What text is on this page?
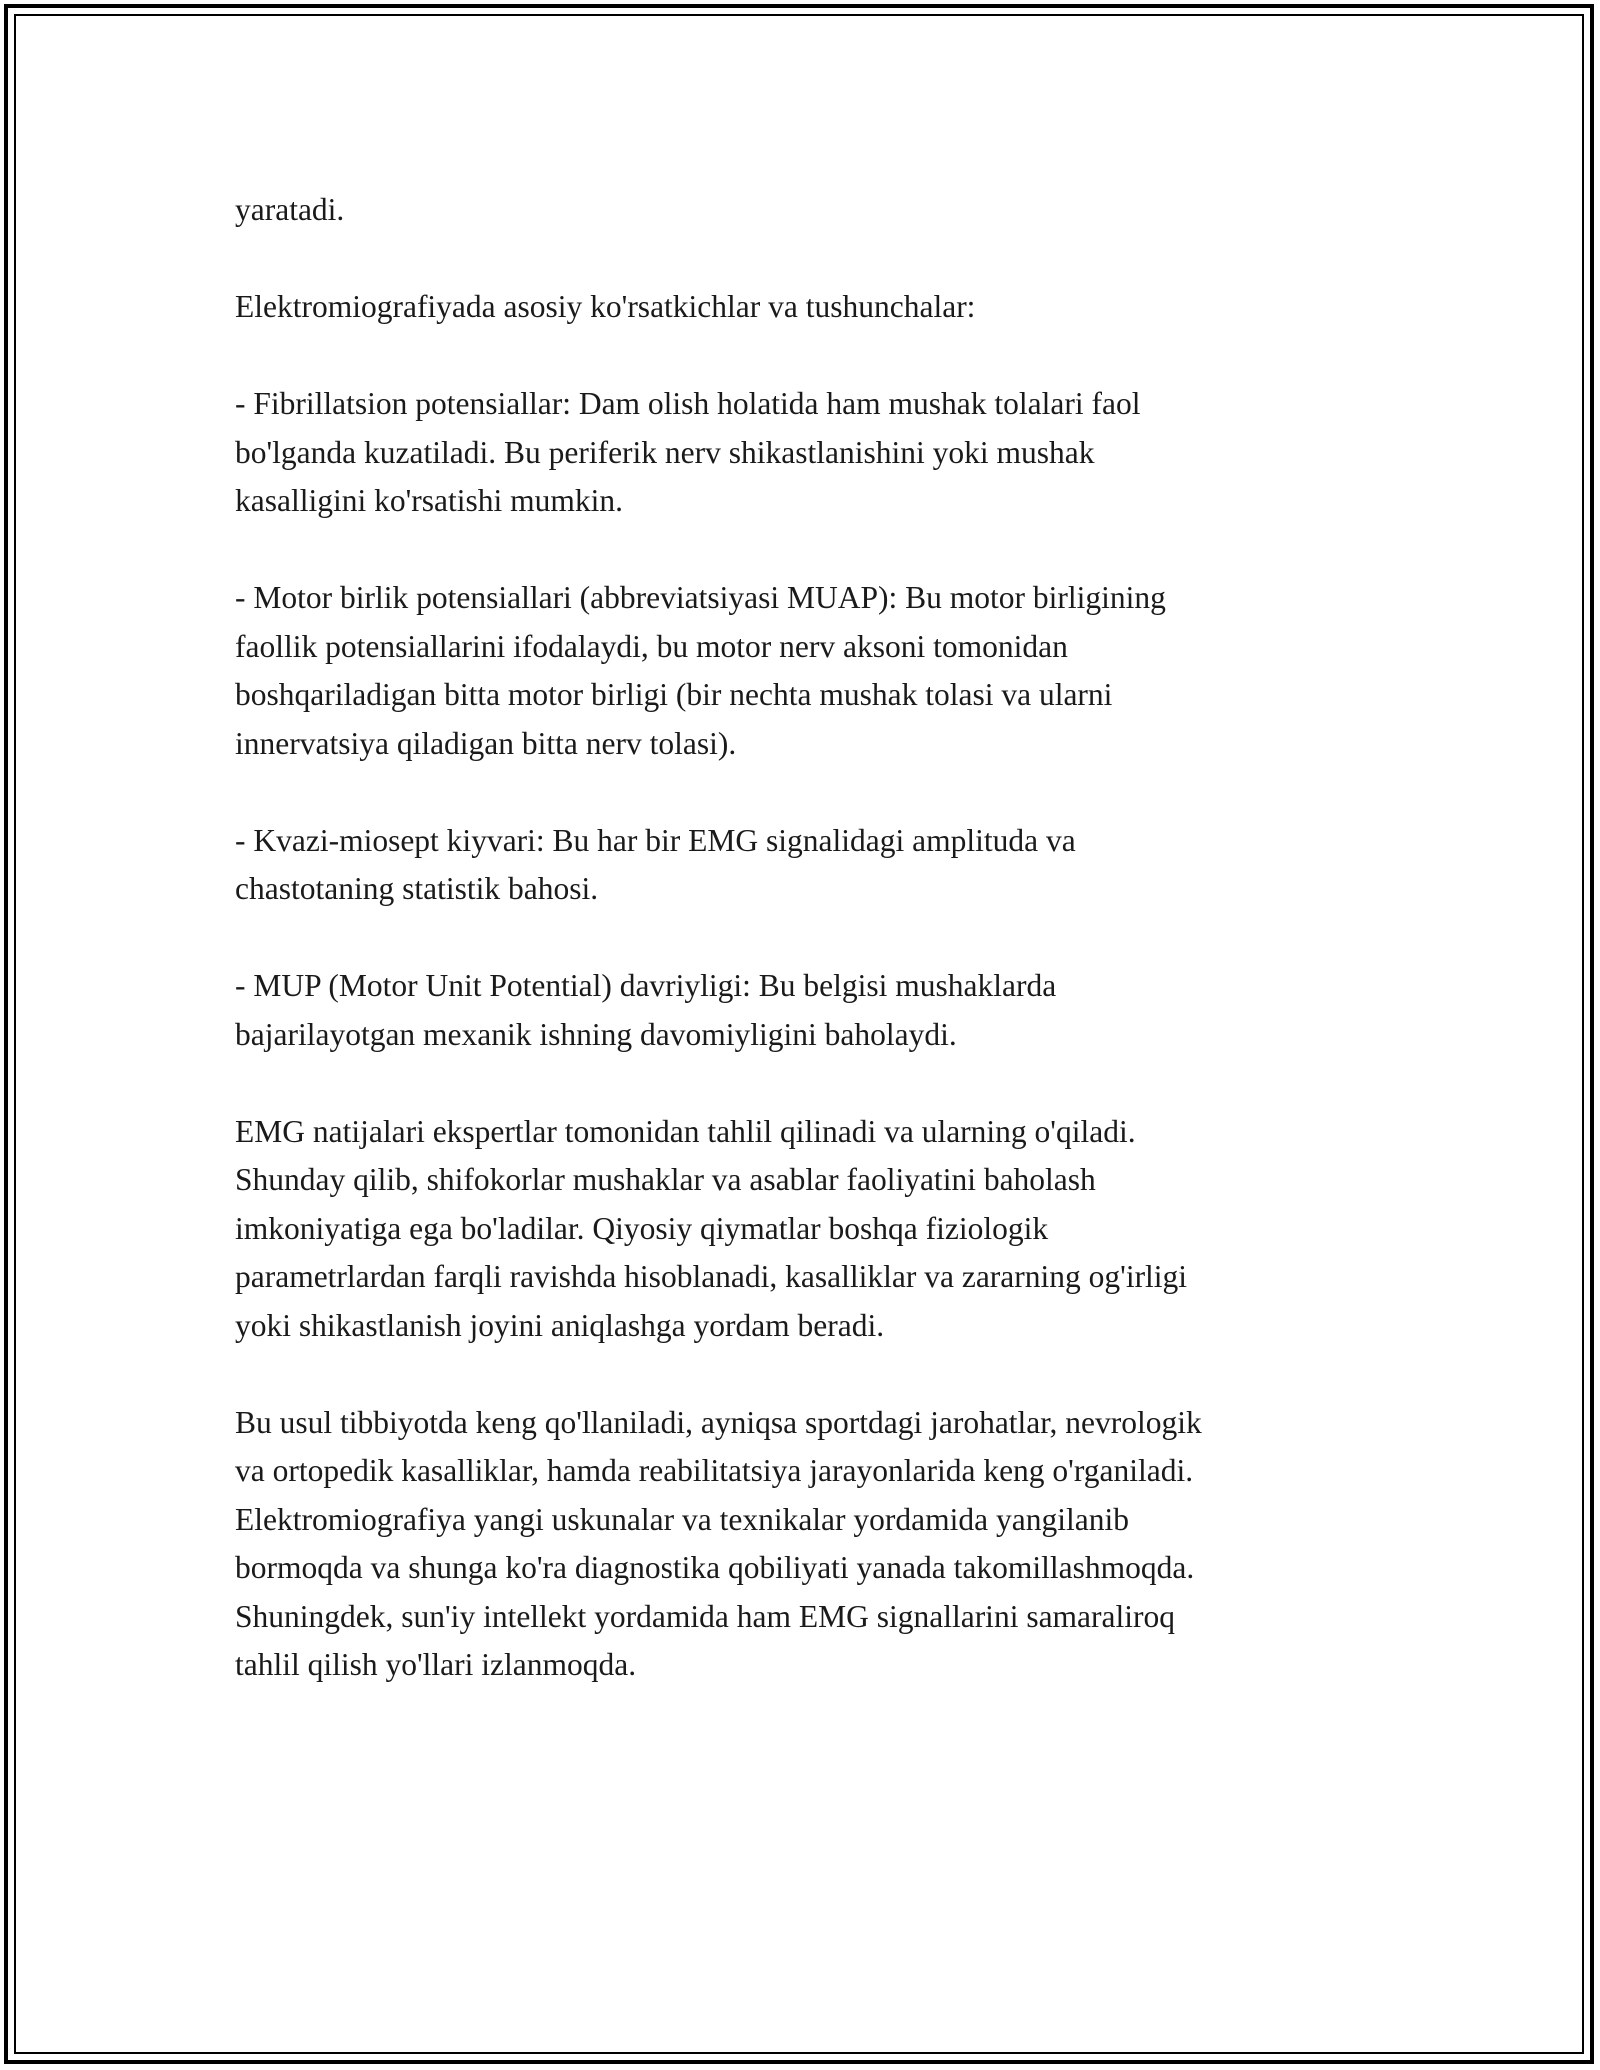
yaratadi.

Elektromiografiyada asosiy ko'rsatkichlar va tushunchalar:

- Fibrillatsion potensiallar: Dam olish holatida ham mushak tolalari faol
bo'lganda kuzatiladi. Bu periferik nerv shikastlanishini yoki mushak
kasalligini ko'rsatishi mumkin.

- Motor birlik potensiallari (abbreviatsiyasi MUAP): Bu motor birligining
faollik potensiallarini ifodalaydi, bu motor nerv aksoni tomonidan
boshqariladigan bitta motor birligi (bir nechta mushak tolasi va ularni
innervatsiya qiladigan bitta nerv tolasi).

- Kvazi-miosept kiyvari: Bu har bir EMG signalidagi amplituda va
chastotaning statistik bahosi.

- MUP (Motor Unit Potential) davriyligi: Bu belgisi mushaklarda
bajarilayotgan mexanik ishning davomiyligini baholaydi.

EMG natijalari ekspertlar tomonidan tahlil qilinadi va ularning o'qiladi.
Shunday qilib, shifokorlar mushaklar va asablar faoliyatini baholash
imkoniyatiga ega bo'ladilar. Qiyosiy qiymatlar boshqa fiziologik
parametrlardan farqli ravishda hisoblanadi, kasalliklar va zararning og'irligi
yoki shikastlanish joyini aniqlashga yordam beradi.

Bu usul tibbiyotda keng qo'llaniladi, ayniqsa sportdagi jarohatlar, nevrologik
va ortopedik kasalliklar, hamda reabilitatsiya jarayonlarida keng o'rganiladi.
Elektromiografiya yangi uskunalar va texnikalar yordamida yangilanib
bormoqda va shunga ko'ra diagnostika qobiliyati yanada takomillashmoqda.
Shuningdek, sun'iy intellekt yordamida ham EMG signallarini samaraliroq
tahlil qilish yo'llari izlanmoqda.
